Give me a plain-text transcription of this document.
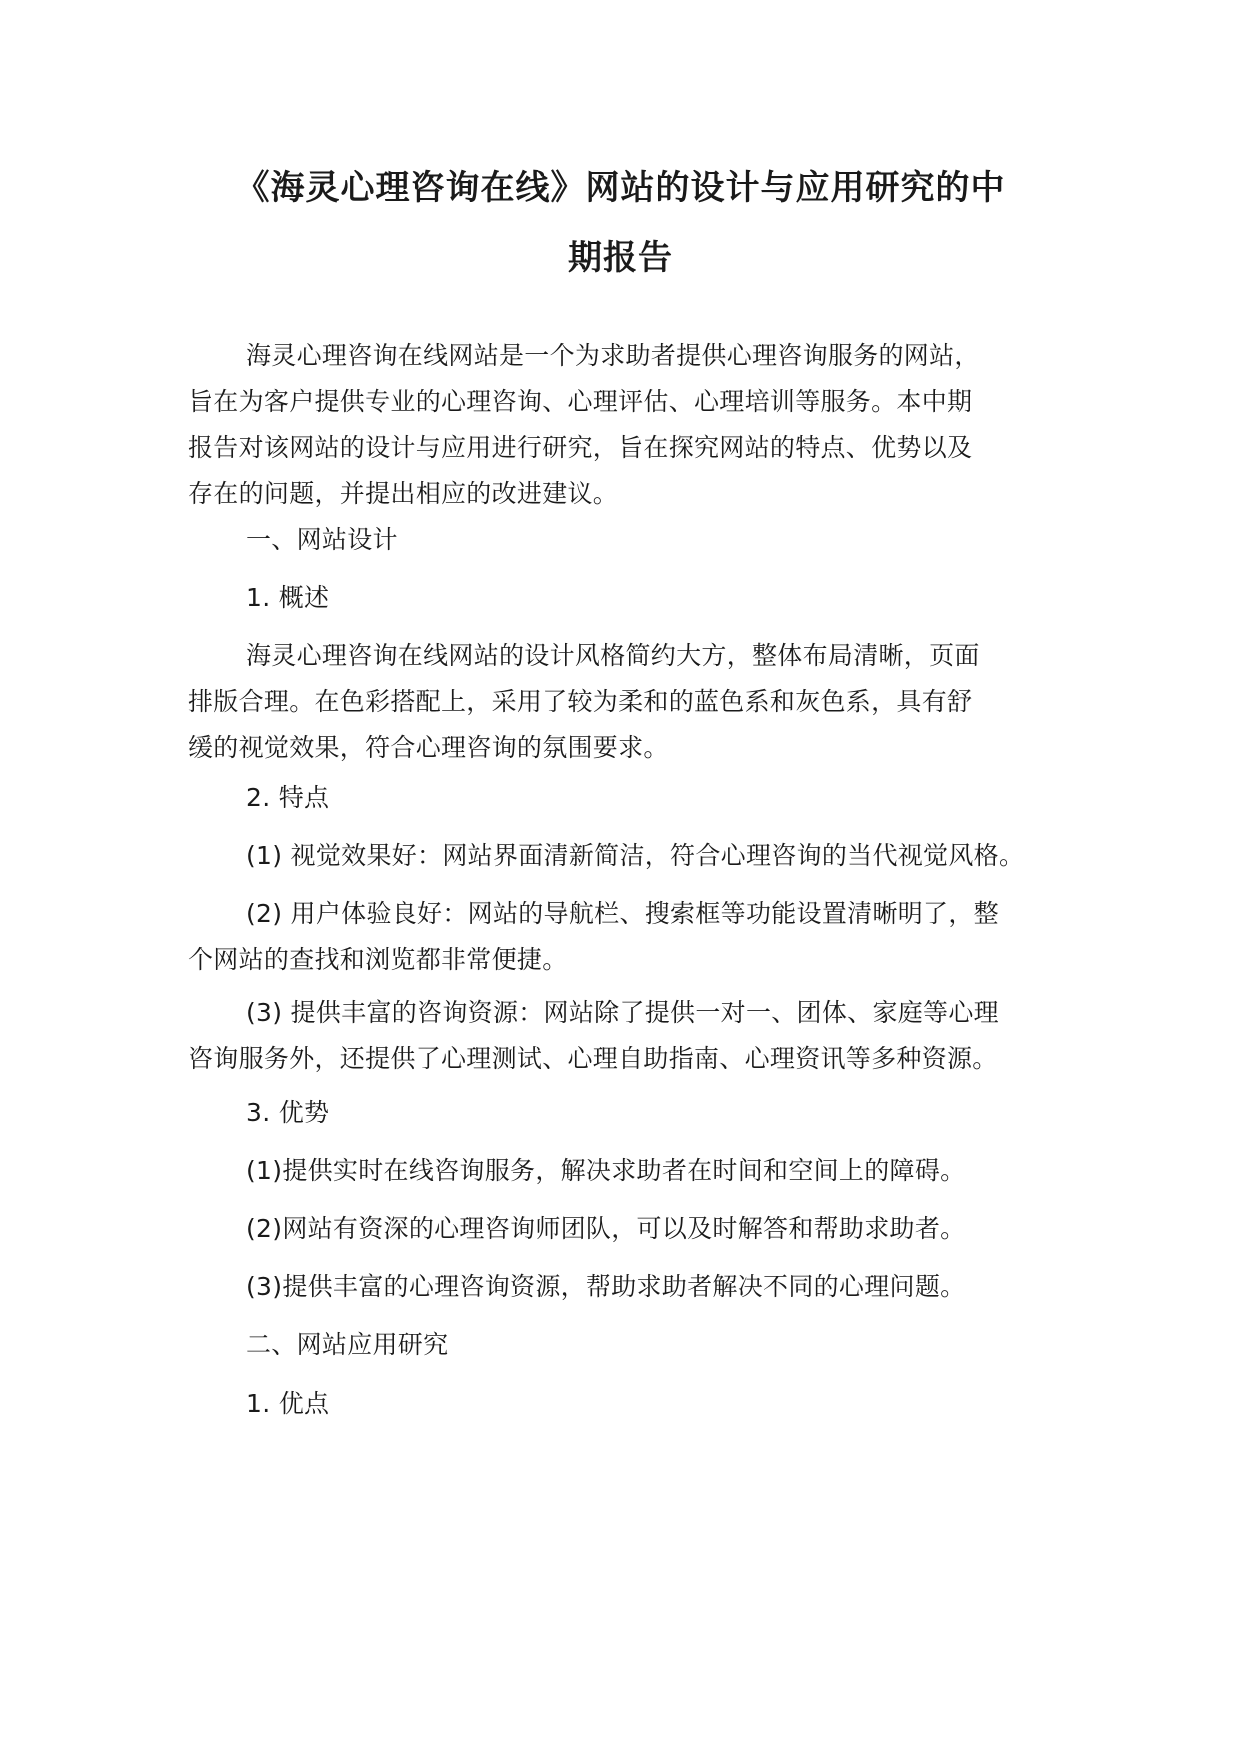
《海灵心理咨询在线》网站的设计与应用研究的中
期报告
海灵心理咨询在线网站是一个为求助者提供心理咨询服务的网站，
旨在为客户提供专业的心理咨询、心理评估、心理培训等服务。本中期
报告对该网站的设计与应用进行研究，旨在探究网站的特点、优势以及
存在的问题，并提出相应的改进建议。
一、网站设计
1. 概述
海灵心理咨询在线网站的设计风格简约大方，整体布局清晰，页面
排版合理。在色彩搭配上，采用了较为柔和的蓝色系和灰色系，具有舒
缓的视觉效果，符合心理咨询的氛围要求。
2. 特点
(1) 视觉效果好：网站界面清新简洁，符合心理咨询的当代视觉风格。
(2) 用户体验良好：网站的导航栏、搜索框等功能设置清晰明了，整
个网站的查找和浏览都非常便捷。
(3) 提供丰富的咨询资源：网站除了提供一对一、团体、家庭等心理
咨询服务外，还提供了心理测试、心理自助指南、心理资讯等多种资源。
3. 优势
(1)提供实时在线咨询服务，解决求助者在时间和空间上的障碍。
(2)网站有资深的心理咨询师团队，可以及时解答和帮助求助者。
(3)提供丰富的心理咨询资源，帮助求助者解决不同的心理问题。
二、网站应用研究
1. 优点
